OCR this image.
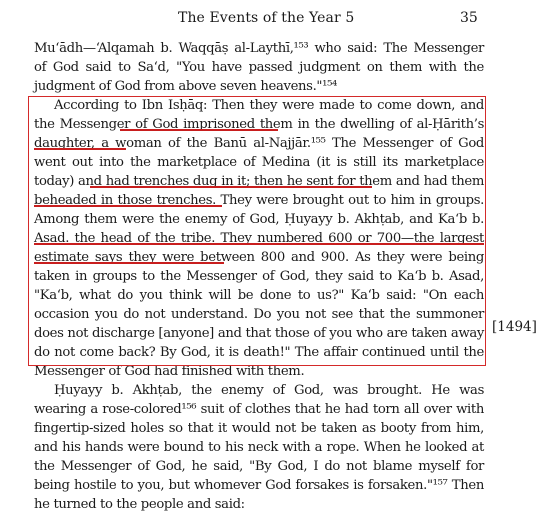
The Events of the Year 5	35

Mu‘ādh—‘Alqamah b. Waqqāṣ al-Laythī,¹⁵³ who said: The Messenger of God said to Sa‘d, "You have passed judgment on them with the judgment of God from above seven heavens."¹⁵⁴

According to Ibn Isḥāq: Then they were made to come down, and the Messenger of God imprisoned them in the dwelling of al-Ḥārith’s daughter, a woman of the Banū al-Najjār.¹⁵⁵ The Messenger of God went out into the marketplace of Medina (it is still its marketplace today) and had trenches dug in it; then he sent for them and had them beheaded in those trenches. They were brought out to him in groups. Among them were the enemy of God, Ḥuyayy b. Akhṭab, and Ka‘b b. Asad. the head of the tribe. They numbered 600 or 700—the largest estimate says they were between 800 and 900. As they were being taken in groups to the Messenger of God, they said to Ka‘b b. Asad, "Ka‘b, what do you think will be done to us?" Ka‘b said: "On each occasion you do not understand. Do you not see that the summoner does not discharge [anyone] and that those of you who are taken away do not come back? By God, it is death!" The affair continued until the Messenger of God had finished with them.

Ḥuyayy b. Akhṭab, the enemy of God, was brought. He was wearing a rose-colored¹⁵⁶ suit of clothes that he had torn all over with fingertip-sized holes so that it would not be taken as booty from him, and his hands were bound to his neck with a rope. When he looked at the Messenger of God, he said, "By God, I do not blame myself for being hostile to you, but whomever God forsakes is forsaken."¹⁵⁷ Then he turned to the people and said:

[1494]
